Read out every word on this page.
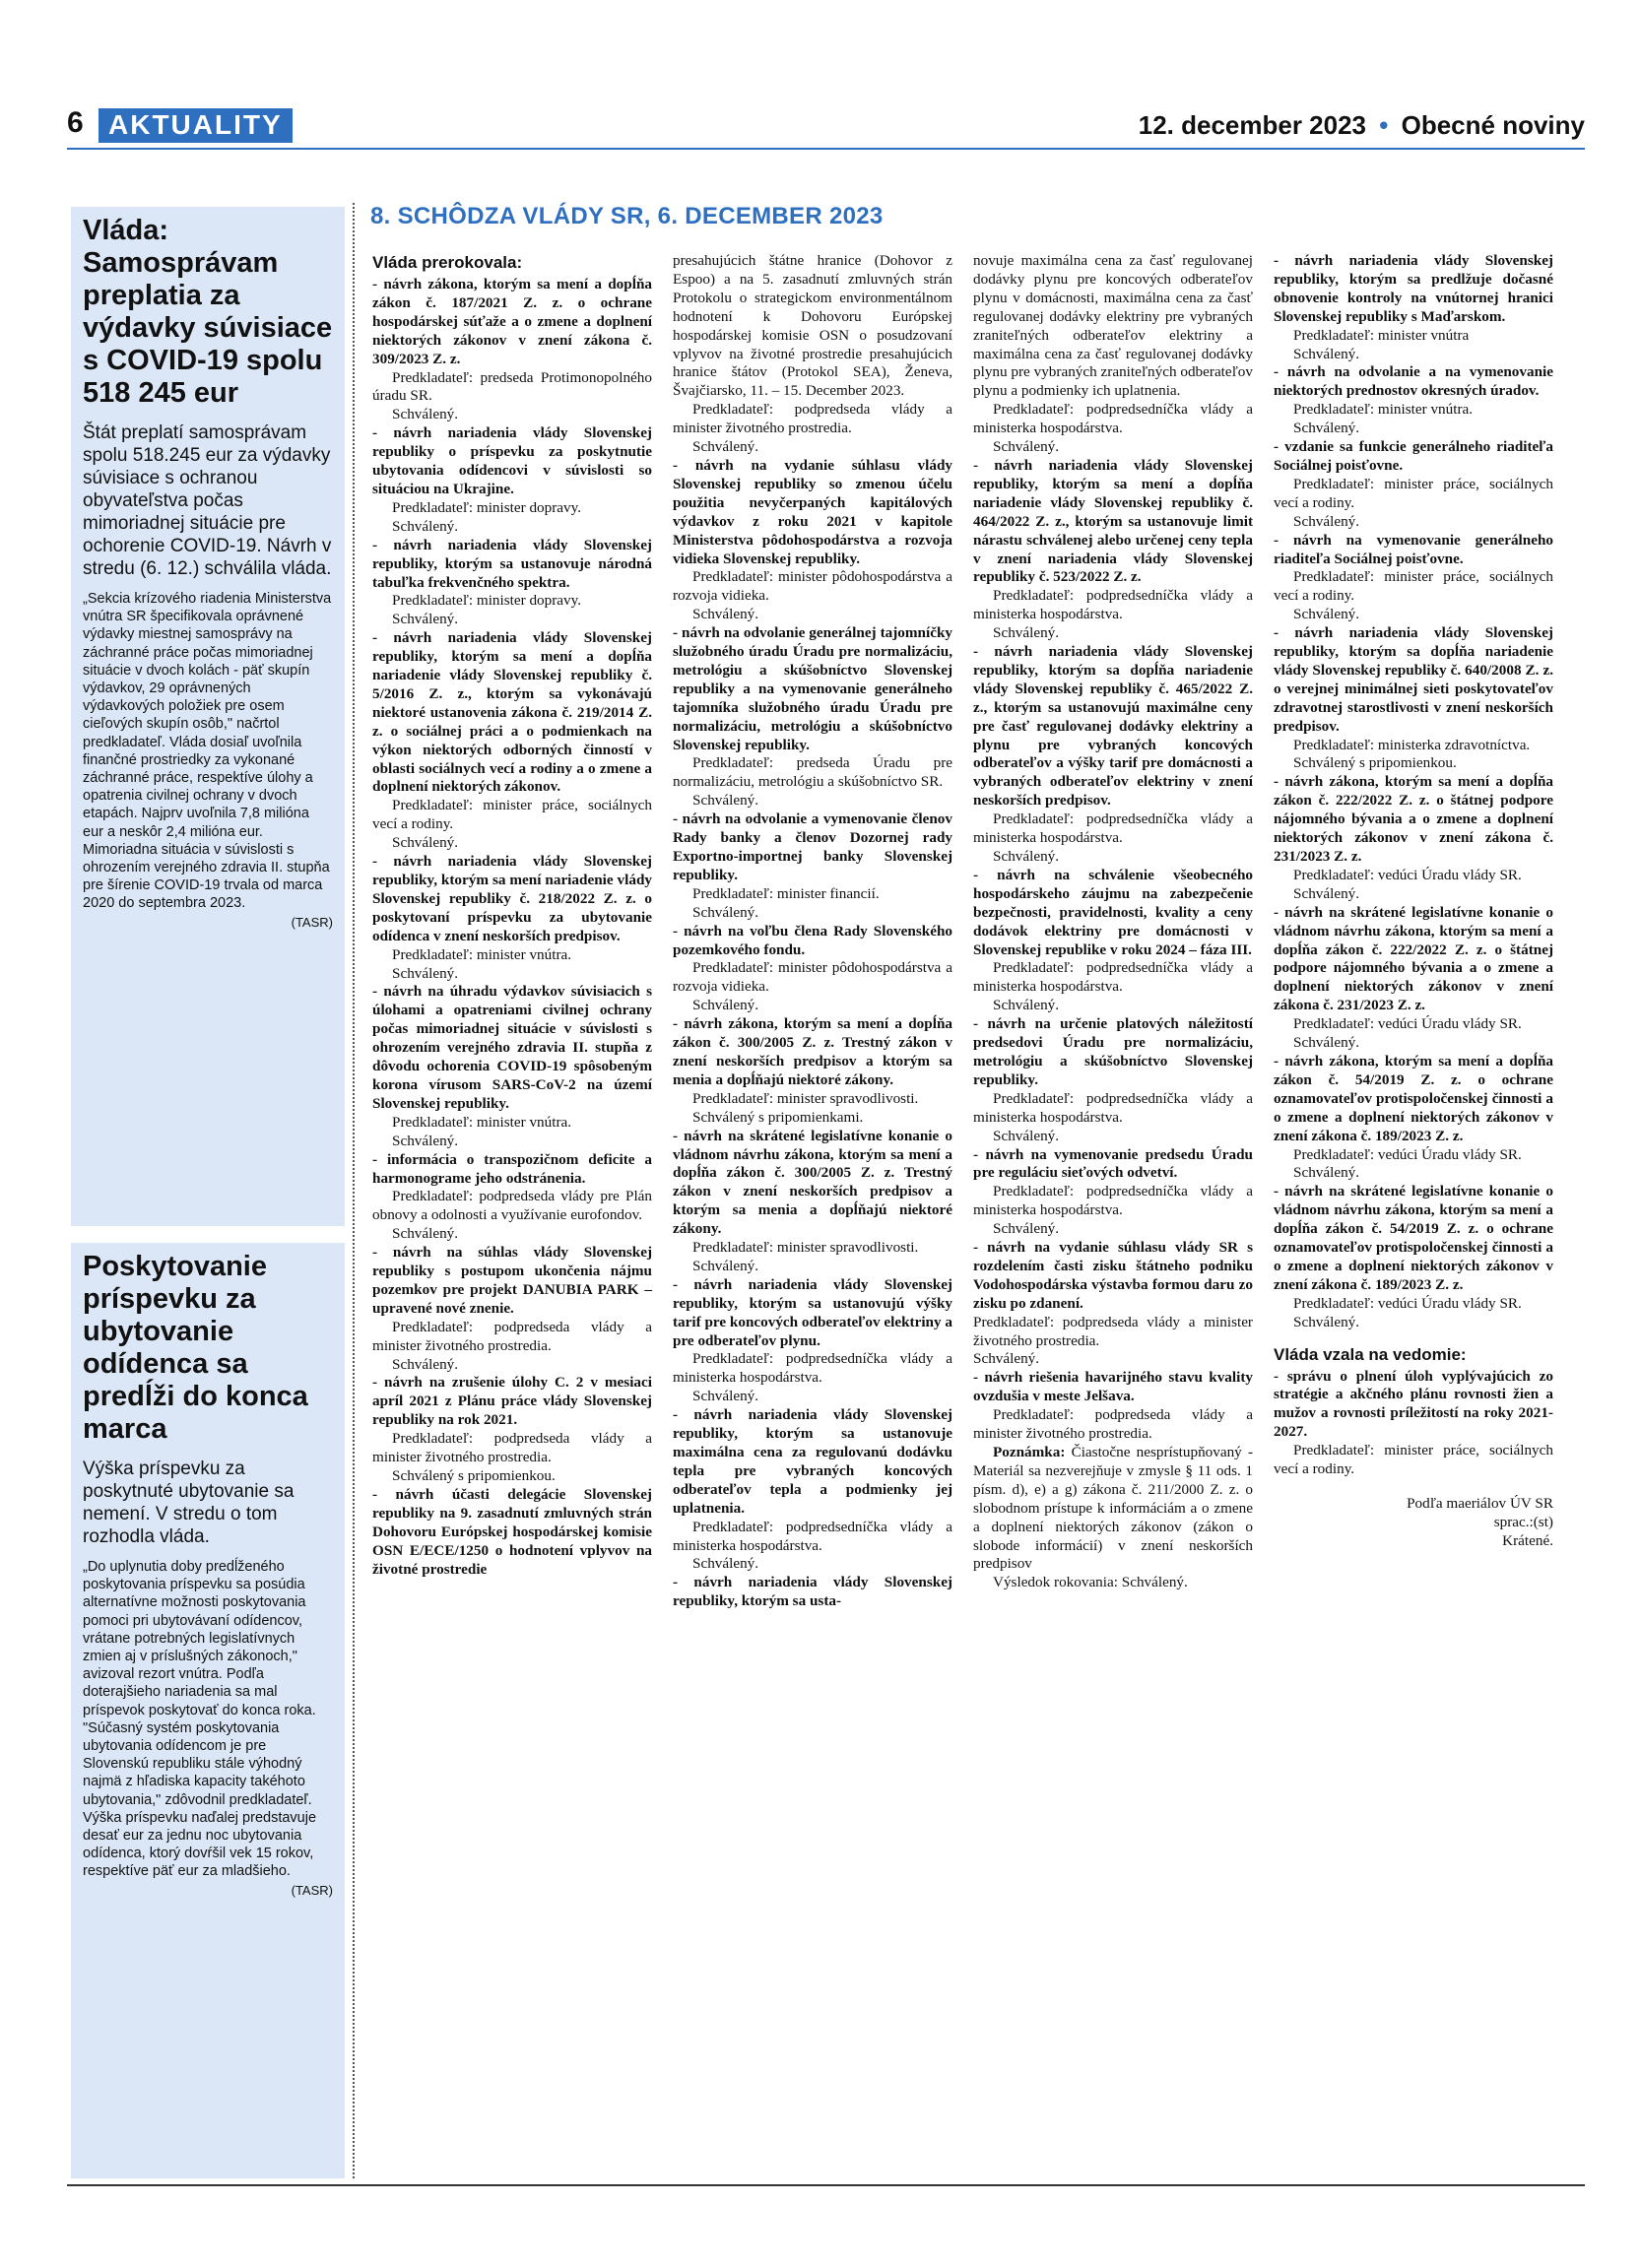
6 AKTUALITY	12. december 2023 • Obecné noviny
Vláda: Samosprávam preplatia za výdavky súvisiace s COVID-19 spolu 518 245 eur

Štát preplatí samosprávam spolu 518.245 eur za výdavky súvisiace s ochranou obyvateľstva počas mimoriadnej situácie pre ochorenie COVID-19. Návrh v stredu (6. 12.) schválila vláda.

„Sekcia krízového riadenia Ministerstva vnútra SR špecifikovala oprávnené výdavky miestnej samosprávy na záchranné práce počas mimoriadnej situácie v dvoch kolách - päť skupín výdavkov, 29 oprávnených výdavkových položiek pre osem cieľových skupín osôb," načrtol predkladateľ. Vláda dosiaľ uvoľnila finančné prostriedky za vykonané záchranné práce, respektíve úlohy a opatrenia civilnej ochrany v dvoch etapách. Najprv uvoľnila 7,8 milióna eur a neskôr 2,4 milióna eur. Mimoriadna situácia v súvislosti s ohrozením verejného zdravia II. stupňa pre šírenie COVID-19 trvala od marca 2020 do septembra 2023.

(TASR)

Poskytovanie príspevku za ubytovanie odídenca sa predĺži do konca marca

Výška príspevku za poskytnuté ubytovanie sa nemení. V stredu o tom rozhodla vláda.

„Do uplynutia doby predĺženého poskytovania príspevku sa posúdia alternatívne možnosti poskytovania pomoci pri ubytovávaní odídencov, vrátane potrebných legislatívnych zmien aj v príslušných zákonoch," avizoval rezort vnútra. Podľa doterajšieho nariadenia sa mal príspevok poskytovať do konca roka. "Súčasný systém poskytovania ubytovania odídencom je pre Slovenskú republiku stále výhodný najmä z hľadiska kapacity takéhoto ubytovania," zdôvodnil predkladateľ. Výška príspevku naďalej predstavuje desať eur za jednu noc ubytovania odídenca, ktorý dovŕšil vek 15 rokov, respektíve päť eur za mladšieho.

(TASR)

8. SCHÔDZA VLÁDY SR, 6. DECEMBER 2023

Vláda prerokovala:

- návrh zákona, ktorým sa mení a dopĺňa zákon č. 187/2021 Z. z. o ochrane hospodárskej súťaže a o zmene a doplnení niektorých zákonov v znení zákona č. 309/2023 Z. z.

Predkladateľ: predseda Protimonopolného úradu SR.

Schválený.

- návrh nariadenia vlády Slovenskej republiky o príspevku za poskytnutie ubytovania odídencovi v súvislosti so situáciou na Ukrajine.

Predkladateľ: minister dopravy.

Schválený.

- návrh nariadenia vlády Slovenskej republiky, ktorým sa ustanovuje národná tabuľka frekvenčného spektra.

Predkladateľ: minister dopravy.

Schválený.

- návrh nariadenia vlády Slovenskej republiky, ktorým sa mení a dopĺňa nariadenie vlády Slovenskej republiky č. 5/2016 Z. z., ktorým sa vykonávajú niektoré ustanovenia zákona č. 219/2014 Z. z. o sociálnej práci a o podmienkach na výkon niektorých odborných činností v oblasti sociálnych vecí a rodiny a o zmene a doplnení niektorých zákonov.

Predkladateľ: minister práce, sociálnych vecí a rodiny.

Schválený.

- návrh nariadenia vlády Slovenskej republiky, ktorým sa mení nariadenie vlády Slovenskej republiky č. 218/2022 Z. z. o poskytovaní príspevku za ubytovanie odídenca v znení neskorších predpisov.

Predkladateľ: minister vnútra.

Schválený.

- návrh na úhradu výdavkov súvisiacich s úlohami a opatreniami civilnej ochrany počas mimoriadnej situácie v súvislosti s ohrozením verejného zdravia II. stupňa z dôvodu ochorenia COVID-19 spôsobeným korona vírusom SARS-CoV-2 na území Slovenskej republiky.

Predkladateľ: minister vnútra.

Schválený.

- informácia o transpozičnom deficite a harmonograme jeho odstránenia.

Predkladateľ: podpredseda vlády pre Plán obnovy a odolnosti a využívanie eurofondov.

Schválený.

- návrh na súhlas vlády Slovenskej republiky s postupom ukončenia nájmu pozemkov pre projekt DANUBIA PARK – upravené nové znenie.

Predkladateľ: podpredseda vlády a minister životného prostredia.

Schválený.

- návrh na zrušenie úlohy C. 2 v mesiaci apríl 2021 z Plánu práce vlády Slovenskej republiky na rok 2021.

Predkladateľ: podpredseda vlády a minister životného prostredia.

Schválený s pripomienkou.

- návrh účasti delegácie Slovenskej republiky na 9. zasadnutí zmluvných strán Dohovoru Európskej hospodárskej komisie OSN E/ECE/1250 o hodnotení vplyvov na životné prostredie

presahujúcich štátne hranice (Dohovor z Espoo) a na 5. zasadnutí zmluvných strán Protokolu o strategickom environmentálnom hodnotení k Dohovoru Európskej hospodárskej komisie OSN o posudzovaní vplyvov na životné prostredie presahujúcich hranice štátov (Protokol SEA), Ženeva, Švajčiarsko, 11. – 15. December 2023.

Predkladateľ: podpredseda vlády a minister životného prostredia.

Schválený.

- návrh na vydanie súhlasu vlády Slovenskej republiky so zmenou účelu použitia nevyčerpaných kapitálových výdavkov z roku 2021 v kapitole Ministerstva pôdohospodárstva a rozvoja vidieka Slovenskej republiky.

Predkladateľ: minister pôdohospodárstva a rozvoja vidieka.

Schválený.

- návrh na odvolanie generálnej tajomníčky služobného úradu Úradu pre normalizáciu, metrológiu a skúšobníctvo Slovenskej republiky a na vymenovanie generálneho tajomníka služobného úradu Úradu pre normalizáciu, metrológiu a skúšobníctvo Slovenskej republiky.

Predkladateľ: predseda Úradu pre normalizáciu, metrológiu a skúšobníctvo SR.

Schválený.

- návrh na odvolanie a vymenovanie členov Rady banky a členov Dozornej rady Exportno-importnej banky Slovenskej republiky.

Predkladateľ: minister financií.

Schválený.

- návrh na voľbu člena Rady Slovenského pozemkového fondu.

Predkladateľ: minister pôdohospodárstva a rozvoja vidieka.

Schválený.

- návrh zákona, ktorým sa mení a dopĺňa zákon č. 300/2005 Z. z. Trestný zákon v znení neskorších predpisov a ktorým sa menia a dopĺňajú niektoré zákony.

Predkladateľ: minister spravodlivosti.

Schválený s pripomienkami.

- návrh na skrátené legislatívne konanie o vládnom návrhu zákona, ktorým sa mení a dopĺňa zákon č. 300/2005 Z. z. Trestný zákon v znení neskorších predpisov a ktorým sa menia a dopĺňajú niektoré zákony.

Predkladateľ: minister spravodlivosti.

Schválený.

- návrh nariadenia vlády Slovenskej republiky, ktorým sa ustanovujú výšky tarif pre koncových odberateľov elektriny a pre odberateľov plynu.

Predkladateľ: podpredsedníčka vlády a ministerka hospodárstva.

Schválený.

- návrh nariadenia vlády Slovenskej republiky, ktorým sa ustanovuje maximálna cena za regulovanú dodávku tepla pre vybraných koncových odberateľov tepla a podmienky jej uplatnenia.

Predkladateľ: podpredsedníčka vlády a ministerka hospodárstva.

Schválený.

- návrh nariadenia vlády Slovenskej republiky, ktorým sa usta-

novuje maximálna cena za časť regulovanej dodávky plynu pre koncových odberateľov plynu v domácnosti, maximálna cena za časť regulovanej dodávky elektriny pre vybraných zraniteľných odberateľov elektriny a maximálna cena za časť regulovanej dodávky plynu pre vybraných zraniteľných odberateľov plynu a podmienky ich uplatnenia.

Predkladateľ: podpredsedníčka vlády a ministerka hospodárstva.

Schválený.

- návrh nariadenia vlády Slovenskej republiky, ktorým sa mení a dopĺňa nariadenie vlády Slovenskej republiky č. 464/2022 Z. z., ktorým sa ustanovuje limit nárastu schválenej alebo určenej ceny tepla v znení nariadenia vlády Slovenskej republiky č. 523/2022 Z. z.

Predkladateľ: podpredsedníčka vlády a ministerka hospodárstva.

Schválený.

- návrh nariadenia vlády Slovenskej republiky, ktorým sa dopĺňa nariadenie vlády Slovenskej republiky č. 465/2022 Z. z., ktorým sa ustanovujú maximálne ceny pre časť regulovanej dodávky elektriny a plynu pre vybraných koncových odberateľov a výšky tarif pre domácnosti a vybraných odberateľov elektriny v znení neskorších predpisov.

Predkladateľ: podpredsedníčka vlády a ministerka hospodárstva.

Schválený.

- návrh na schválenie všeobecného hospodárskeho záujmu na zabezpečenie bezpečnosti, pravidelnosti, kvality a ceny dodávok elektriny pre domácnosti v Slovenskej republike v roku 2024 – fáza III.

Predkladateľ: podpredsedníčka vlády a ministerka hospodárstva.

Schválený.

- návrh na určenie platových náležitostí predsedovi Úradu pre normalizáciu, metrológiu a skúšobníctvo Slovenskej republiky.

Predkladateľ: podpredsedníčka vlády a ministerka hospodárstva.

Schválený.

- návrh na vymenovanie predsedu Úradu pre reguláciu sieťových odvetví.

Predkladateľ: podpredsedníčka vlády a ministerka hospodárstva.

Schválený.

- návrh na vydanie súhlasu vlády SR s rozdelením časti zisku štátneho podniku Vodohospodárska výstavba formou daru zo zisku po zdanení.

Predkladateľ: podpredseda vlády a minister životného prostredia.

Schválený.

- návrh riešenia havarijného stavu kvality ovzdušia v meste Jelšava.

Predkladateľ: podpredseda vlády a minister životného prostredia.

Poznámka: Čiastočne nesprístupňovaný - Materiál sa nezverejňuje v zmysle § 11 ods. 1 písm. d), e) a g) zákona č. 211/2000 Z. z. o slobodnom prístupe k informáciám a o zmene a doplnení niektorých zákonov (zákon o slobode informácií) v znení neskorších predpisov

Výsledok rokovania: Schválený.

- návrh nariadenia vlády Slovenskej republiky, ktorým sa predlžuje dočasné obnovenie kontroly na vnútornej hranici Slovenskej republiky s Maďarskom.

Predkladateľ: minister vnútra

Schválený.

- návrh na odvolanie a na vymenovanie niektorých prednostov okresných úradov.

Predkladateľ: minister vnútra.

Schválený.

- vzdanie sa funkcie generálneho riaditeľa Sociálnej poisťovne.

Predkladateľ: minister práce, sociálnych vecí a rodiny.

Schválený.

- návrh na vymenovanie generálneho riaditeľa Sociálnej poisťovne.

Predkladateľ: minister práce, sociálnych vecí a rodiny.

Schválený.

- návrh nariadenia vlády Slovenskej republiky, ktorým sa dopĺňa nariadenie vlády Slovenskej republiky č. 640/2008 Z. z. o verejnej minimálnej sieti poskytovateľov zdravotnej starostlivosti v znení neskorších predpisov.

Predkladateľ: ministerka zdravotníctva.

Schválený s pripomienkou.

- návrh zákona, ktorým sa mení a dopĺňa zákon č. 222/2022 Z. z. o štátnej podpore nájomného bývania a o zmene a doplnení niektorých zákonov v znení zákona č. 231/2023 Z. z.

Predkladateľ: vedúci Úradu vlády SR.

Schválený.

- návrh na skrátené legislatívne konanie o vládnom návrhu zákona, ktorým sa mení a dopĺňa zákon č. 222/2022 Z. z. o štátnej podpore nájomného bývania a o zmene a doplnení niektorých zákonov v znení zákona č. 231/2023 Z. z.

Predkladateľ: vedúci Úradu vlády SR.

Schválený.

- návrh zákona, ktorým sa mení a dopĺňa zákon č. 54/2019 Z. z. o ochrane oznamovateľov protispoločenskej činnosti a o zmene a doplnení niektorých zákonov v znení zákona č. 189/2023 Z. z.

Predkladateľ: vedúci Úradu vlády SR.

Schválený.

- návrh na skrátené legislatívne konanie o vládnom návrhu zákona, ktorým sa mení a dopĺňa zákon č. 54/2019 Z. z. o ochrane oznamovateľov protispoločenskej činnosti a o zmene a doplnení niektorých zákonov v znení zákona č. 189/2023 Z. z.

Predkladateľ: vedúci Úradu vlády SR.

Schválený.

Vláda vzala na vedomie:

- správu o plnení úloh vyplývajúcich zo stratégie a akčného plánu rovnosti žien a mužov a rovnosti príležitostí na roky 2021-2027.

Predkladateľ: minister práce, sociálnych vecí a rodiny.

Podľa maeriálov ÚV SR

sprac.:(st)

Krátené.
